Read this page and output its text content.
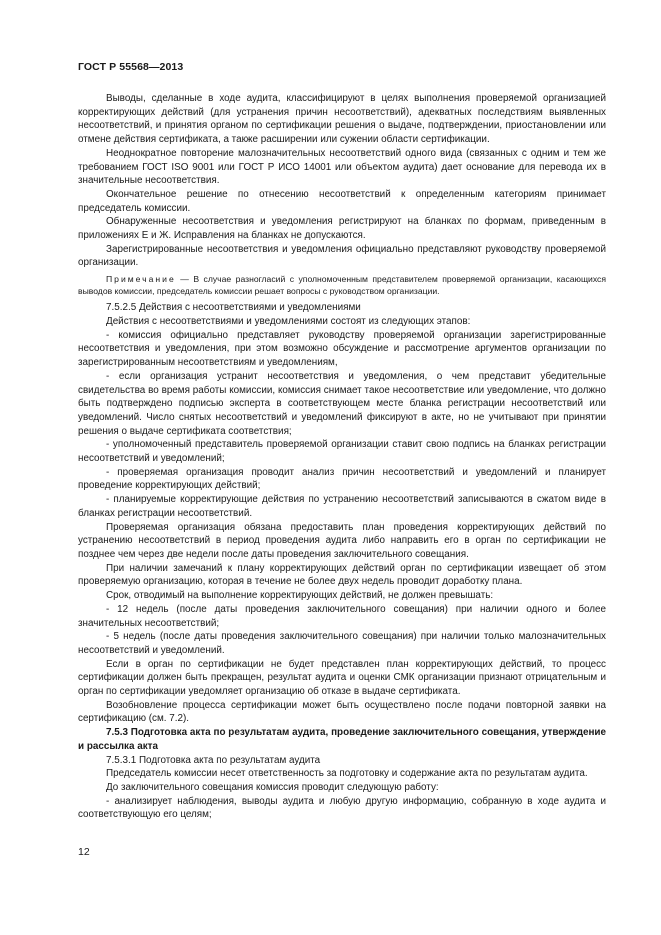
ГОСТ Р 55568—2013

Выводы, сделанные в ходе аудита, классифицируют в целях выполнения проверяемой организацией корректирующих действий (для устранения причин несоответствий), адекватных последствиям выявленных несоответствий, и принятия органом по сертификации решения о выдаче, подтверждении, приостановлении или отмене действия сертификата, а также расширении или сужении области сертификации.

Неоднократное повторение малозначительных несоответствий одного вида (связанных с одним и тем же требованием ГОСТ ISO 9001 или ГОСТ Р ИСО 14001 или объектом аудита) дает основание для перевода их в значительные несоответствия.

Окончательное решение по отнесению несоответствий к определенным категориям принимает председатель комиссии.

Обнаруженные несоответствия и уведомления регистрируют на бланках по формам, приведенным в приложениях Е и Ж. Исправления на бланках не допускаются.

Зарегистрированные несоответствия и уведомления официально представляют руководству проверяемой организации.

Примечание — В случае разногласий с уполномоченным представителем проверяемой организации, касающихся выводов комиссии, председатель комиссии решает вопросы с руководством организации.

7.5.2.5 Действия с несоответствиями и уведомлениями

Действия с несоответствиями и уведомлениями состоят из следующих этапов:

- комиссия официально представляет руководству проверяемой организации зарегистрированные несоответствия и уведомления, при этом возможно обсуждение и рассмотрение аргументов организации по зарегистрированным несоответствиям и уведомлениям,

- если организация устранит несоответствия и уведомления, о чем представит убедительные свидетельства во время работы комиссии, комиссия снимает такое несоответствие или уведомление, что должно быть подтверждено подписью эксперта в соответствующем месте бланка регистрации несоответствий или уведомлений. Число снятых несоответствий и уведомлений фиксируют в акте, но не учитывают при принятии решения о выдаче сертификата соответствия;

- уполномоченный представитель проверяемой организации ставит свою подпись на бланках регистрации несоответствий и уведомлений;

- проверяемая организация проводит анализ причин несоответствий и уведомлений и планирует проведение корректирующих действий;

- планируемые корректирующие действия по устранению несоответствий записываются в сжатом виде в бланках регистрации несоответствий.

Проверяемая организация обязана предоставить план проведения корректирующих действий по устранению несоответствий в период проведения аудита либо направить его в орган по сертификации не позднее чем через две недели после даты проведения заключительного совещания.

При наличии замечаний к плану корректирующих действий орган по сертификации извещает об этом проверяемую организацию, которая в течение не более двух недель проводит доработку плана.

Срок, отводимый на выполнение корректирующих действий, не должен превышать:

- 12 недель (после даты проведения заключительного совещания) при наличии одного и более значительных несоответствий;

- 5 недель (после даты проведения заключительного совещания) при наличии только малозначительных несоответствий и уведомлений.

Если в орган по сертификации не будет представлен план корректирующих действий, то процесс сертификации должен быть прекращен, результат аудита и оценки СМК организации признают отрицательным и орган по сертификации уведомляет организацию об отказе в выдаче сертификата.

Возобновление процесса сертификации может быть осуществлено после подачи повторной заявки на сертификацию (см. 7.2).

7.5.3 Подготовка акта по результатам аудита, проведение заключительного совещания, утверждение и рассылка акта

7.5.3.1 Подготовка акта по результатам аудита

Председатель комиссии несет ответственность за подготовку и содержание акта по результатам аудита.

До заключительного совещания комиссия проводит следующую работу:

- анализирует наблюдения, выводы аудита и любую другую информацию, собранную в ходе аудита и соответствующую его целям;

12
